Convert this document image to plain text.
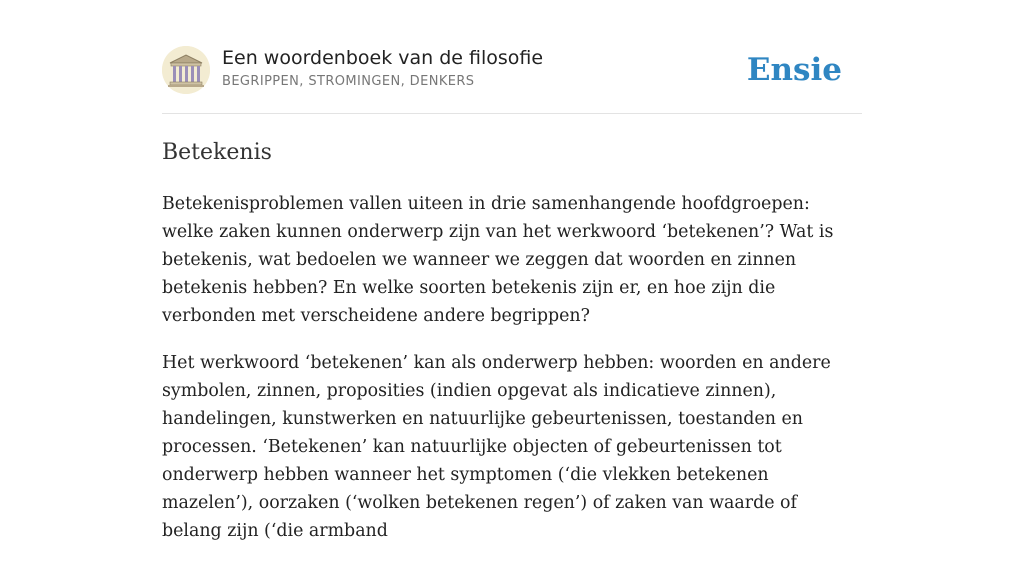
Een woordenboek van de filosofie
BEGRIPPEN, STROMINGEN, DENKERS	Ensie
Betekenis

Betekenisproblemen vallen uiteen in drie samenhangende hoofdgroepen: welke zaken kunnen onderwerp zijn van het werkwoord ‘betekenen’? Wat is betekenis, wat bedoelen we wanneer we zeggen dat woorden en zinnen betekenis hebben? En welke soorten betekenis zijn er, en hoe zijn die verbonden met verscheidene andere begrippen?

Het werkwoord ‘betekenen’ kan als onderwerp hebben: woorden en andere symbolen, zinnen, proposities (indien opgevat als indicatieve zinnen), handelingen, kunstwerken en natuurlijke gebeurtenissen, toestanden en processen. ‘Betekenen’ kan natuurlijke objecten of gebeurtenissen tot onderwerp hebben wanneer het symptomen (‘die vlekken betekenen mazelen’), oorzaken (‘wolken betekenen regen’) of zaken van waarde of belang zijn (‘die armband
